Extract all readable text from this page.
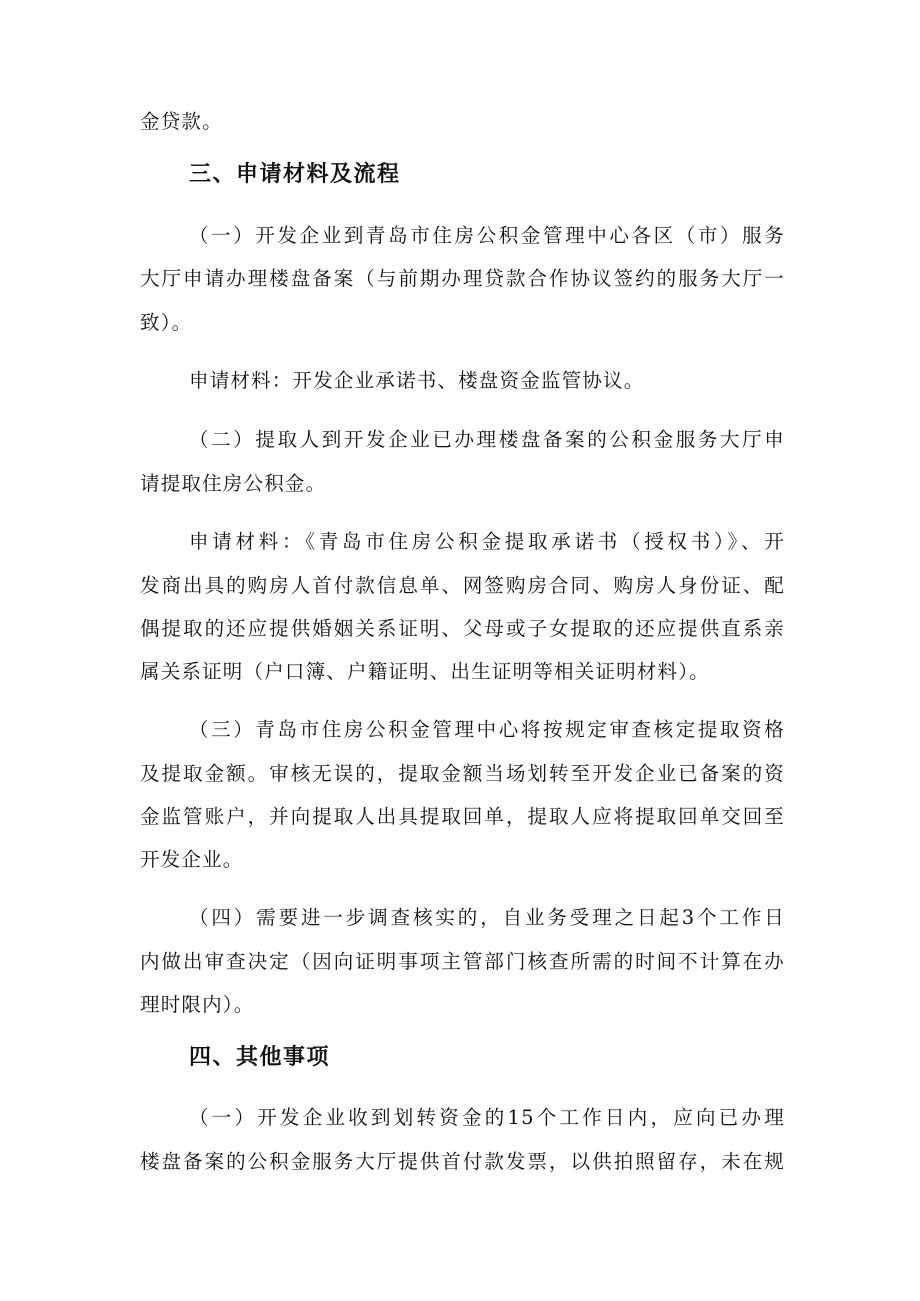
金贷款。
三、申请材料及流程
（一）开发企业到青岛市住房公积金管理中心各区（市）服务
大厅申请办理楼盘备案（与前期办理贷款合作协议签约的服务大厅一
致）。
申请材料：开发企业承诺书、楼盘资金监管协议。
（二）提取人到开发企业已办理楼盘备案的公积金服务大厅申
请提取住房公积金。
申请材料：《青岛市住房公积金提取承诺书（授权书）》、开
发商出具的购房人首付款信息单、网签购房合同、购房人身份证、配
偶提取的还应提供婚姻关系证明、父母或子女提取的还应提供直系亲
属关系证明（户口簿、户籍证明、出生证明等相关证明材料）。
（三）青岛市住房公积金管理中心将按规定审查核定提取资格
及提取金额。审核无误的，提取金额当场划转至开发企业已备案的资
金监管账户，并向提取人出具提取回单，提取人应将提取回单交回至
开发企业。
（四）需要进一步调查核实的，自业务受理之日起3个工作日
内做出审查决定（因向证明事项主管部门核查所需的时间不计算在办
理时限内）。
四、其他事项
（一）开发企业收到划转资金的15个工作日内，应向已办理
楼盘备案的公积金服务大厅提供首付款发票，以供拍照留存，未在规
